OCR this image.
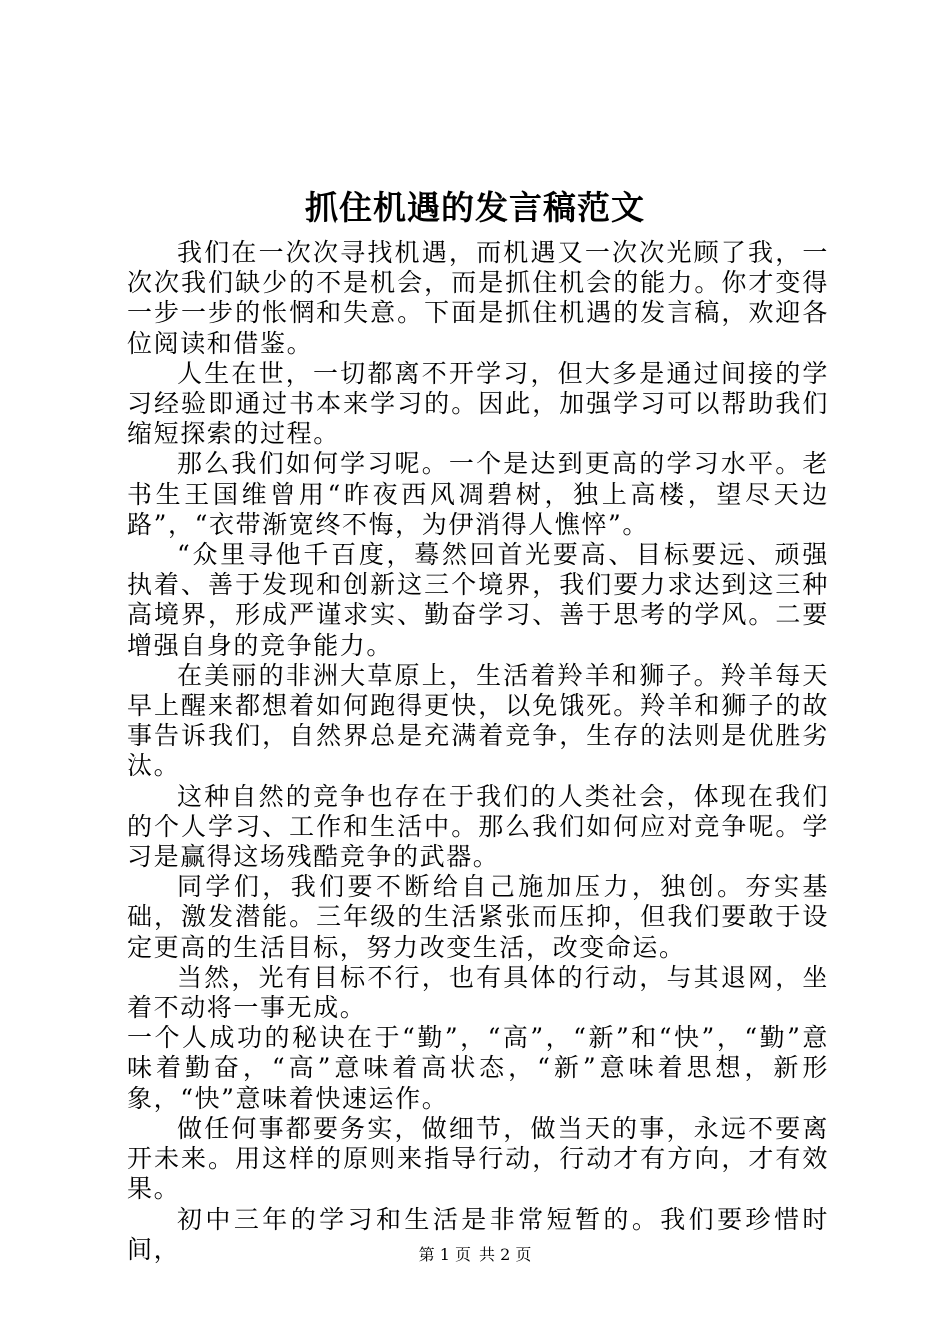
抓住机遇的发言稿范文

我们在一次次寻找机遇，而机遇又一次次光顾了我，一次次我们缺少的不是机会，而是抓住机会的能力。你才变得一步一步的怅惘和失意。下面是抓住机遇的发言稿，欢迎各位阅读和借鉴。

人生在世，一切都离不开学习，但大多是通过间接的学习经验即通过书本来学习的。因此，加强学习可以帮助我们缩短探索的过程。

那么我们如何学习呢。一个是达到更高的学习水平。老书生王国维曾用“昨夜西风凋碧树，独上高楼，望尽天边路”，“衣带渐宽终不悔，为伊消得人憔悴”。

“众里寻他千百度，蓦然回首光要高、目标要远、顽强执着、善于发现和创新这三个境界，我们要力求达到这三种高境界，形成严谨求实、勤奋学习、善于思考的学风。二要增强自身的竞争能力。

在美丽的非洲大草原上，生活着羚羊和狮子。羚羊每天早上醒来都想着如何跑得更快，以免饿死。羚羊和狮子的故事告诉我们，自然界总是充满着竞争，生存的法则是优胜劣汰。

这种自然的竞争也存在于我们的人类社会，体现在我们的个人学习、工作和生活中。那么我们如何应对竞争呢。学习是赢得这场残酷竞争的武器。

同学们，我们要不断给自己施加压力，独创。夯实基础，激发潜能。三年级的生活紧张而压抑，但我们要敢于设定更高的生活目标，努力改变生活，改变命运。

当然，光有目标不行，也有具体的行动，与其退网，坐着不动将一事无成。

一个人成功的秘诀在于“勤”，“高”，“新”和“快”，“勤”意味着勤奋，“高”意味着高状态，“新”意味着思想，新形象，“快”意味着快速运作。

做任何事都要务实，做细节，做当天的事，永远不要离开未来。用这样的原则来指导行动，行动才有方向，才有效果。

初中三年的学习和生活是非常短暂的。我们要珍惜时间，	第 1 页 共 2 页
